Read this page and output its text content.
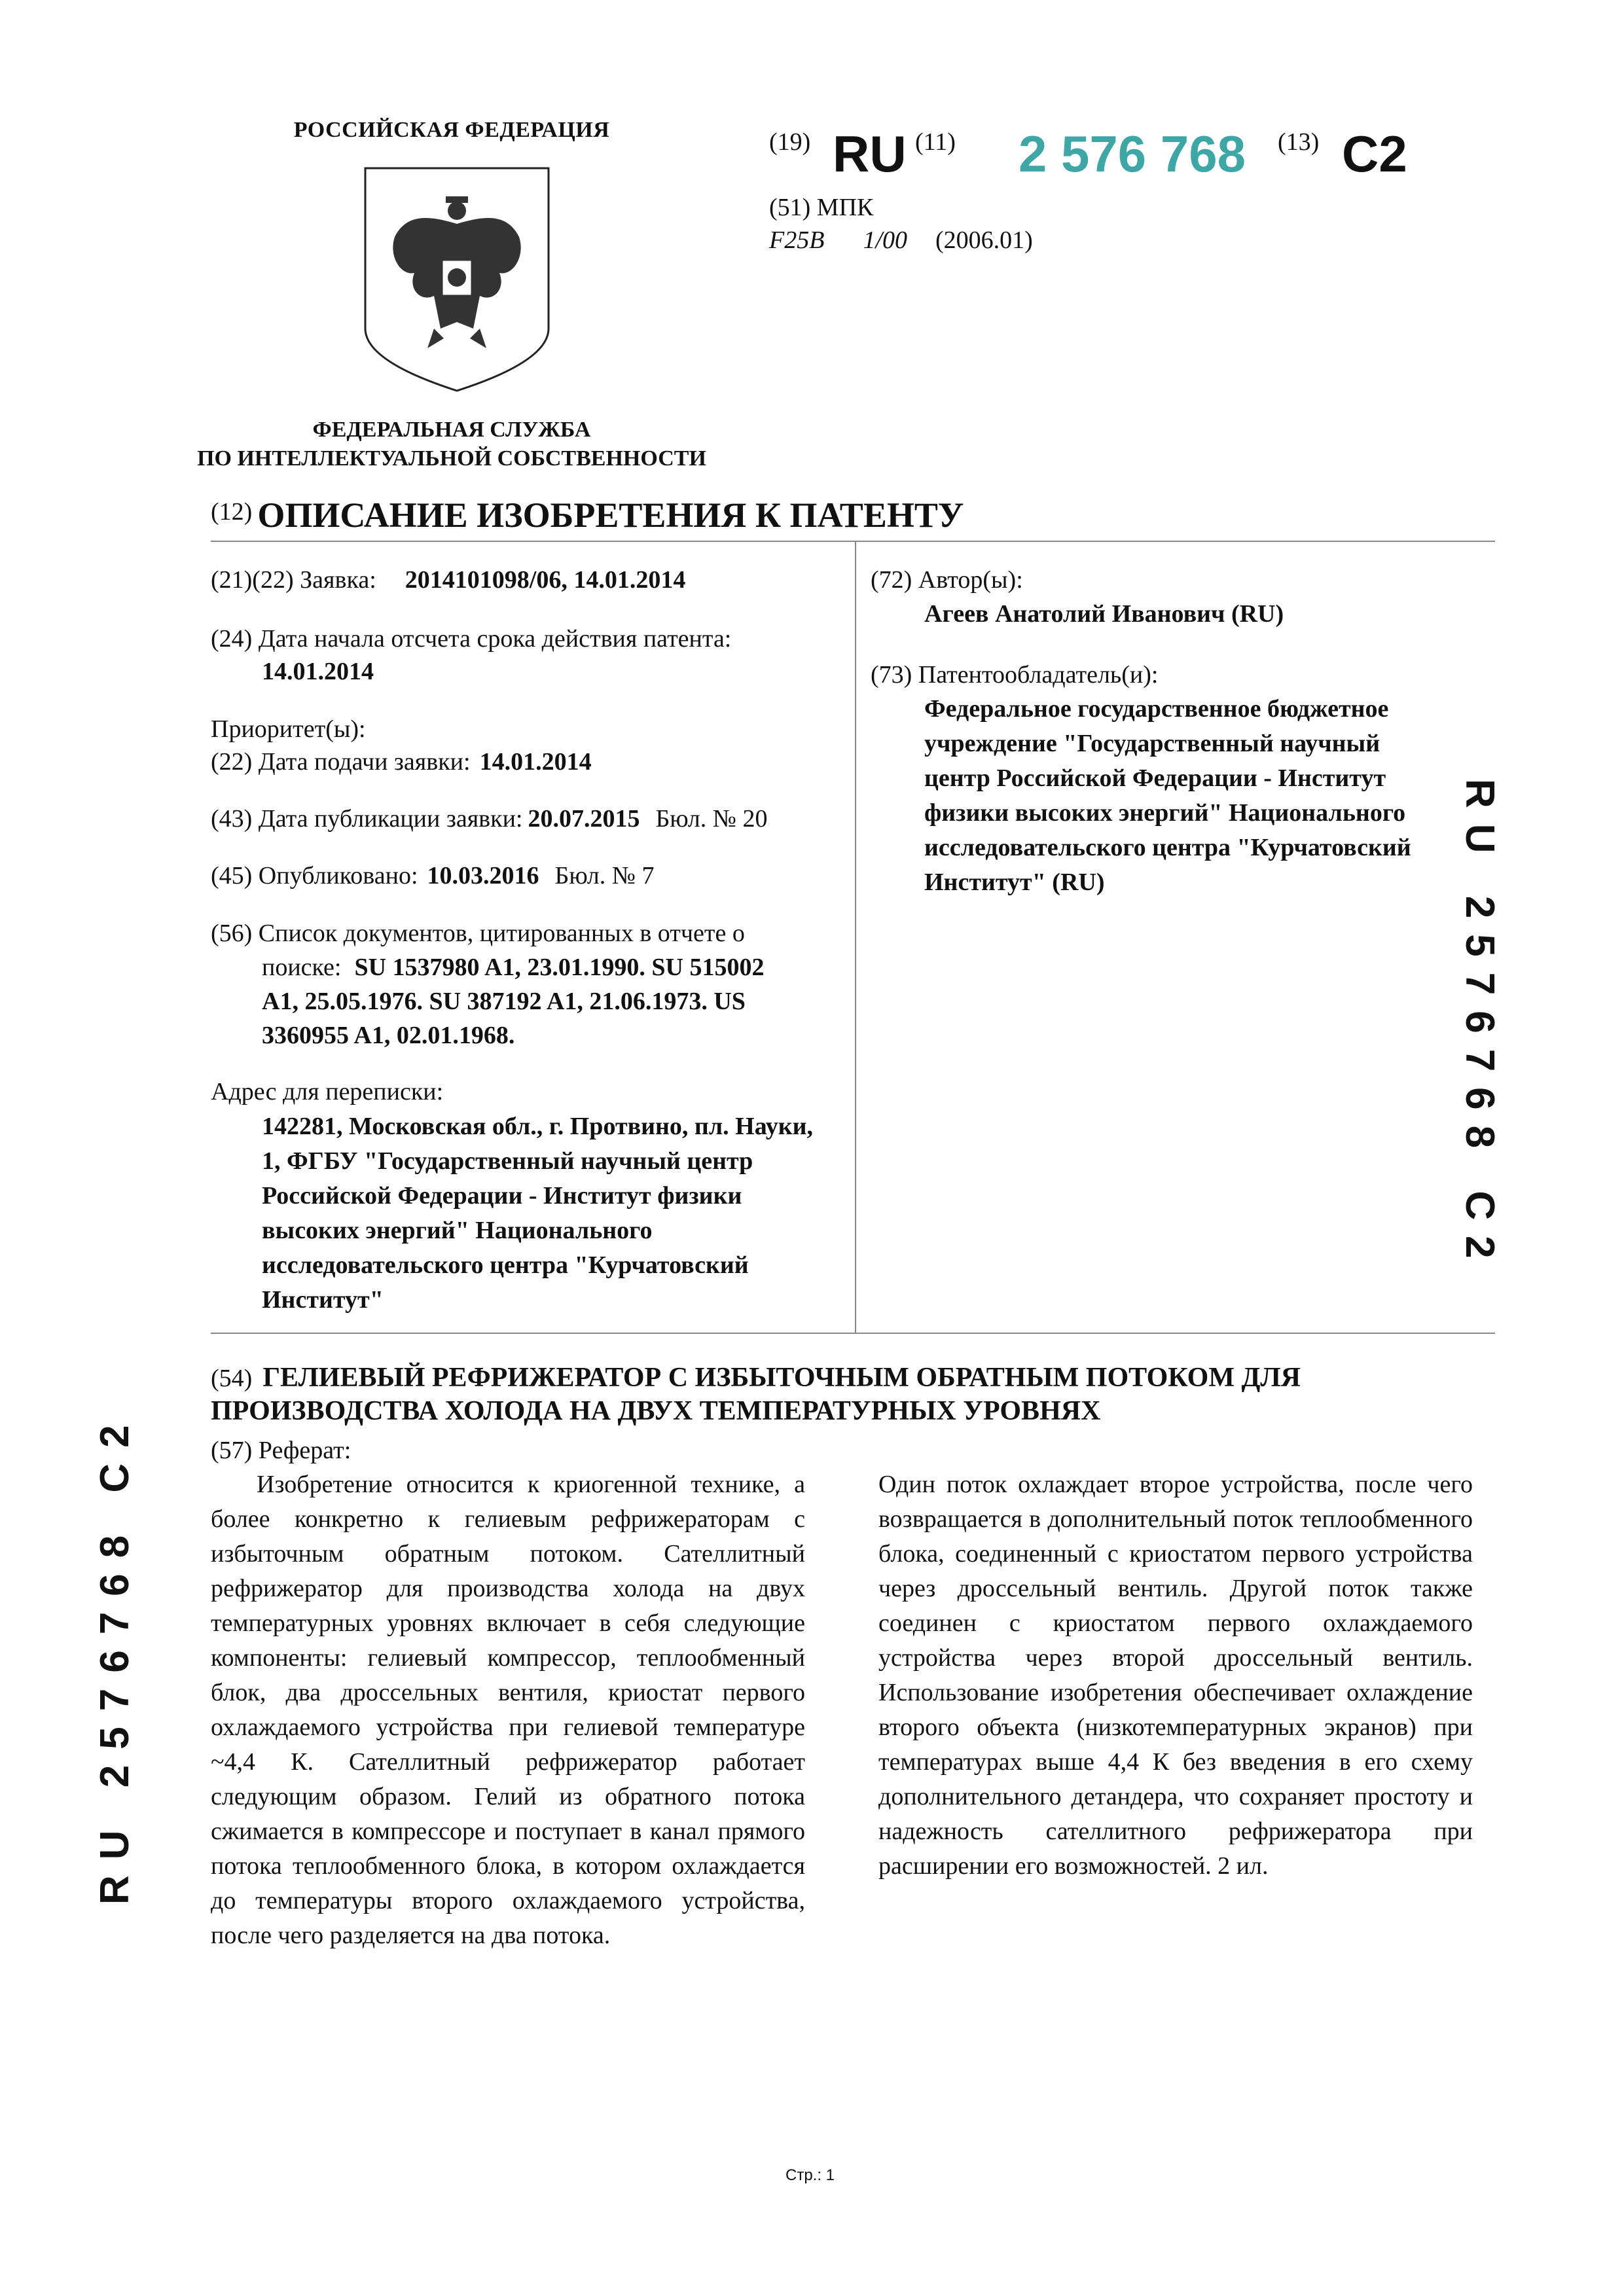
РОССИЙСКАЯ ФЕДЕРАЦИЯ
ФЕДЕРАЛЬНАЯ СЛУЖБА
ПО ИНТЕЛЛЕКТУАЛЬНОЙ СОБСТВЕННОСТИ
(19) RU (11) 2 576 768 (13) C2
(51) МПК
F25B 1/00 (2006.01)
$^{(12)}$ ОПИСАНИЕ ИЗОБРЕТЕНИЯ К ПАТЕНТУ
(21)(22) Заявка: 2014101098/06, 14.01.2014
(24) Дата начала отсчета срока действия патента:
14.01.2014
Приоритет(ы):
(22) Дата подачи заявки: 14.01.2014
(43) Дата публикации заявки: 20.07.2015 Бюл. № 20
(45) Опубликовано: 10.03.2016 Бюл. № 7
(56) Список документов, цитированных в отчете о
поиске: SU 1537980 A1, 23.01.1990. SU 515002
A1, 25.05.1976. SU 387192 A1, 21.06.1973. US
3360955 A1, 02.01.1968.
Адрес для переписки:
142281, Московская обл., г. Протвино, пл. Науки,
1, ФГБУ "Государственный научный центр
Российской Федерации - Институт физики
высоких энергий" Национального
исследовательского центра "Курчатовский
Институт"
(72) Автор(ы):
Агеев Анатолий Иванович (RU)
(73) Патентообладатель(и):
Федеральное государственное бюджетное
учреждение "Государственный научный
центр Российской Федерации - Институт
физики высоких энергий" Национального
исследовательского центра "Курчатовский
Институт" (RU)	RU 2576768 C2
RU 2576768 C2
(54) ГЕЛИЕВЫЙ РЕФРИЖЕРАТОР С ИЗБЫТОЧНЫМ ОБРАТНЫМ ПОТОКОМ ДЛЯ
ПРОИЗВОДСТВА ХОЛОДА НА ДВУХ ТЕМПЕРАТУРНЫХ УРОВНЯХ
(57) Реферат:
Изобретение относится к криогенной технике, а более конкретно к гелиевым рефрижераторам с избыточным обратным потоком. Сателлитный рефрижератор для производства холода на двух температурных уровнях включает в себя следующие компоненты: гелиевый компрессор, теплообменный блок, два дроссельных вентиля, криостат первого охлаждаемого устройства при гелиевой температуре ~4,4 К. Сателлитный рефрижератор работает следующим образом. Гелий из обратного потока сжимается в компрессоре и поступает в канал прямого потока теплообменного блока, в котором охлаждается до температуры второго охлаждаемого устройства, после чего разделяется на два потока.
Один поток охлаждает второе устройства, после чего возвращается в дополнительный поток теплообменного блока, соединенный с криостатом первого устройства через дроссельный вентиль. Другой поток также соединен с криостатом первого охлаждаемого устройства через второй дроссельный вентиль. Использование изобретения обеспечивает охлаждение второго объекта (низкотемпературных экранов) при температурах выше 4,4 К без введения в его схему дополнительного детандера, что сохраняет простоту и надежность сателлитного рефрижератора при расширении его возможностей. 2 ил.
Стр.: 1
